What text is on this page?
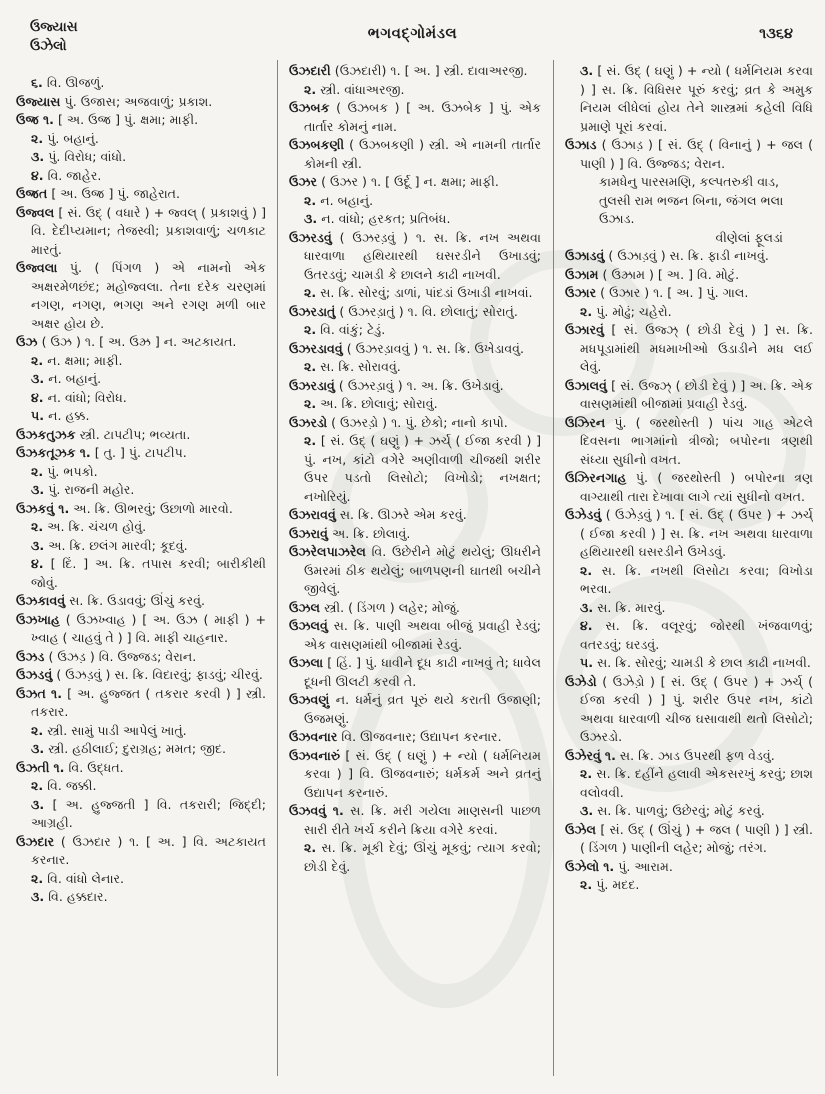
ઉજ્યાસ
ઉઝેલો
ભગવદ્ગોમંડલ	૧૩૬૪

૬. વિ. ઊજળું.

ઉજ્યાસ પું. ઉજાસ; અજવાળું; પ્રકાશ.

ઉજ્ર ૧. [ અ. ઉજ્ર ] પું. ક્ષમા; માફી.

૨. પું. બહાનું.

૩. પું. વિરોધ; વાંધો.

૪. વિ. જાહેર.

ઉજ્રત [ અ. ઉજ્ર ] પું. જાહેરાત.

ઉજ્વલ [ સં. ઉદ્ ( વધારે ) + જ્વલ્ ( પ્રકાશવું ) ] વિ. દેદીપ્યમાન; તેજસ્વી; પ્રકાશવાળું; ચળકાટ મારતું.

ઉજ્વલા પું. ( પિંગળ ) એ નામનો એક અક્ષરમેળછંદ; મહોજ્વલા. તેના દરેક ચરણમાં નગણ, નગણ, ભગણ અને રગણ મળી બાર અક્ષર હોય છે.

ઉઝ ( ઉઝ ) ૧. [ અ. ઉઝ્ર ] ન. અટકાયત.

૨. ન. ક્ષમા; માફી.

૩. ન. બહાનું.

૪. ન. વાંધો; વિરોધ.

૫. ન. હક્ક.

ઉઝકતુઝક સ્ત્રી. ટાપટીપ; ભવ્યતા.

ઉઝકતૂઝક ૧. [ તુ. ] પું. ટાપટીપ.

૨. પું. ભપકો.

૩. પું. રાજની મહોર.

ઉઝકવું ૧. અ. ક્રિ. ઊભરવું; ઉછાળો મારવો.

૨. અ. ક્રિ. ચંચળ હોવું.

૩. અ. ક્રિ. છલંગ મારવી; કૂદવું.

૪. [ દિં. ] અ. ક્રિ. તપાસ કરવી; બારીકીથી જોવું.

ઉઝકાવવું સ. ક્રિ. ઉડાવવું; ઊંચું કરવું.

ઉઝખાહ ( ઉઝખ્વાહ ) [ અ. ઉઝ ( માફી ) + ખ્વાહ ( ચાહવું તે ) ] વિ. માફી ચાહનાર.

ઉઝડ ( ઉઝડ઼ ) વિ. ઉજ્જડ; વેરાન.

ઉઝડવું ( ઉઝડ઼વું ) સ. ક્રિ. વિદારવું; ફાડવું; ચીરવું.

ઉઝત ૧. [ અ. હુજ્જત ( તકરાર કરવી ) ] સ્ત્રી. તકરાર.

૨. સ્ત્રી. સામું પાડી આપેલું ખાતું.

૩. સ્ત્રી. હઠીલાઈ; દુરાગ્રહ; મમત; જીદ.

ઉઝતી ૧. વિ. ઉદ્ધત.

૨. વિ. જક્કી.

૩. [ અ. હુજ્જતી ] વિ. તકરારી; જિદ્દી; આગ્રહી.

ઉઝદાર ( ઉઝદાર ) ૧. [ અ. ] વિ. અટકાયત કરનાર.

૨. વિ. વાંધો લેનાર.

૩. વિ. હક્કદાર.

ઉઝદારી (ઉઝદારી) ૧. [ અ. ] સ્ત્રી. દાવાઅરજી.

૨. સ્ત્રી. વાંધાઅરજી.

ઉઝબક ( ઉઝબક ) [ અ. ઉઝબેક ] પું. એક તાર્તાર કોમનું નામ.

ઉઝબકણી ( ઉઝબકણી ) સ્ત્રી. એ નામની તાર્તાર કોમની સ્ત્રી.

ઉઝર ( ઉઝર ) ૧. [ ઉર્દૂ ] ન. ક્ષમા; માફી.

૨. ન. બહાનું.

૩. ન. વાંધો; હરકત; પ્રતિબંધ.

ઉઝરડવું ( ઉઝરડ઼વું ) ૧. સ. ક્રિ. નખ અથવા ધારવાળા હથિયારથી ઘસરડીને ઉખાડવું; ઉતરડવું; ચામડી કે છાલને કાઢી નાખવી.

૨. સ. ક્રિ. સોરવું; ડાળાં, પાંદડાં ઉખાડી નાખવાં.

ઉઝરડાતું ( ઉઝરડ઼ાતું ) ૧. વિ. છોલાતું; સોરાતું.

૨. વિ. વાંકું; ટેડું.

ઉઝરડાવવું ( ઉઝરડ઼ાવવું ) ૧. સ. ક્રિ. ઉખેડાવવું.

૨. સ. ક્રિ. સોરાવવું.

ઉઝરડાવું ( ઉઝરડ઼ાવું ) ૧. અ. ક્રિ. ઉખેડાવું.

૨. અ. ક્રિ. છોલાવું; સોરાવું.

ઉઝરડો ( ઉઝરડ઼ો ) ૧. પું. છેકો; નાનો કાપો.

૨. [ સં. ઉદ્ ( ઘણું ) + ઝર્ચ્ ( ઈજા કરવી ) ] પું. નખ, કાંટો વગેરે અણીવાળી ચીજથી શરીર ઉપર પડતો લિસોટો; વિખોડો; નખક્ષત; નખોરિયું.

ઉઝરાવવું સ. ક્રિ. ઊઝરે એમ કરવું.

ઉઝરાવું અ. ક્રિ. છોલાવું.

ઉઝરેલપાઝરેલ વિ. ઉછેરીને મોટું થયેલું; ઊધરીને ઉમરમાં ઠીક થયેલું; બાળપણની ઘાતથી બચીને જીવેલું.

ઉઝલ સ્ત્રી. ( ડિંગળ ) લહેર; મોજું.

ઉઝલવું સ. ક્રિ. પાણી અથવા બીજું પ્રવાહી રેડવું; એક વાસણમાંથી બીજામાં રેડવું.

ઉઝલા [ હિં. ] પું. ધાવીને દૂધ કાઢી નાખવું તે; ધાવેલ દૂધની ઊલટી કરવી તે.

ઉઝવણું ન. ધર્મનું વ્રત પૂરું થયે કરાતી ઉજાણી; ઉજમણું.

ઉઝવનાર વિ. ઊજવનાર; ઉદ્યાપન કરનાર.

ઉઝવનારું [ સં. ઉદ્ ( ઘણું ) + ન્યો ( ધર્મનિયમ કરવા ) ] વિ. ઊજવનારું; ધર્મકર્મ અને વ્રતનું ઉદ્યાપન કરનારું.

ઉઝવવું ૧. સ. ક્રિ. મરી ગયેલા માણસની પાછળ સારી રીતે ખર્ચ કરીને ક્રિયા વગેરે કરવાં.

૨. સ. ક્રિ. મૂકી દેવું; ઊંચું મૂકવું; ત્યાગ કરવો; છોડી દેવું.

૩. [ સં. ઉદ્ ( ઘણું ) + ન્યો ( ધર્મનિયમ કરવા ) ] સ. ક્રિ. વિધિસર પૂરું કરવું; વ્રત કે અમુક નિયમ લીધેલાં હોય તેને શાસ્ત્રમાં કહેલી વિધિ પ્રમાણે પૂરાં કરવાં.

ઉઝાડ ( ઉઝાડ઼ ) [ સં. ઉદ્ ( વિનાનું ) + જલ ( પાણી ) ] વિ. ઉજ્જડ; વેરાન.

કામધેનુ પારસમણિ, કલ્પતરુકી વાડ,

તુલસી રામ ભજન બિના, જંગલ ભલા ઉઝાડ.

વીણેલાં ફૂલડાં

ઉઝાડવું ( ઉઝાડ઼વું ) સ. ક્રિ. ફાડી નાખવું.

ઉઝામ ( ઉઝ્રામ ) [ અ. ] વિ. મોટું.

ઉઝાર ( ઉઝાર ) ૧. [ અ. ] પું. ગાલ.

૨. પું. મોઢું; ચહેરો.

ઉઝારવું [ સં. ઉજ્ઝ્ ( છોડી દેવું ) ] સ. ક્રિ. મધપૂડામાંથી મધમાખીઓ ઉડાડીને મધ લઈ લેવું.

ઉઝાલવું [ સં. ઉજ્ઝ્ ( છોડી દેવું ) ] અ. ક્રિ. એક વાસણમાંથી બીજામાં પ્રવાહી રેડવું.

ઉઝિરન પું. ( જરથોસ્તી ) પાંચ ગાહ એટલે દિવસના ભાગમાંનો ત્રીજો; બપોરના ત્રણથી સંધ્યા સુધીનો વખત.

ઉઝિરનગાહ પું. ( જરથોસ્તી ) બપોરના ત્રણ વાગ્યાથી તારા દેખાવા લાગે ત્યાં સુધીનો વખત.

ઉઝેડવું ( ઉઝેડ઼વું ) ૧. [ સં. ઉદ્ ( ઉપર ) + ઝર્ચ્ ( ઈજા કરવી ) ] સ. ક્રિ. નખ અથવા ધારવાળા હથિયારથી ઘસરડીને ઉખેડવું.

૨. સ. ક્રિ. નખથી લિસોટા કરવા; વિખોડા ભરવા.

૩. સ. ક્રિ. મારવું.

૪. સ. ક્રિ. વલૂરવું; જોરથી ખંજવાળવું; વતરડવું; ઘરડવું.

૫. સ. ક્રિ. સોરવું; ચામડી કે છાલ કાઢી નાખવી.

ઉઝેડો ( ઉઝેડ઼ો ) [ સં. ઉદ્ ( ઉપર ) + ઝર્ચ્ ( ઈજા કરવી ) ] પું. શરીર ઉપર નખ, કાંટો અથવા ધારવાળી ચીજ ઘસાવાથી થતો લિસોટો; ઉઝરડો.

ઉઝેરવું ૧. સ. ક્રિ. ઝાડ ઉપરથી ફળ વેડવું.

૨. સ. ક્રિ. દહીંને હલાવી એકસરખું કરવું; છાશ વલોવવી.

૩. સ. ક્રિ. પાળવું; ઉછેરવું; મોટું કરવું.

ઉઝેલ [ સં. ઉદ્ ( ઊંચું ) + જલ ( પાણી ) ] સ્ત્રી. ( ડિંગળ ) પાણીની લહેર; મોજું; તરંગ.

ઉઝેલો ૧. પું. આરામ.

૨. પું. મદદ.
